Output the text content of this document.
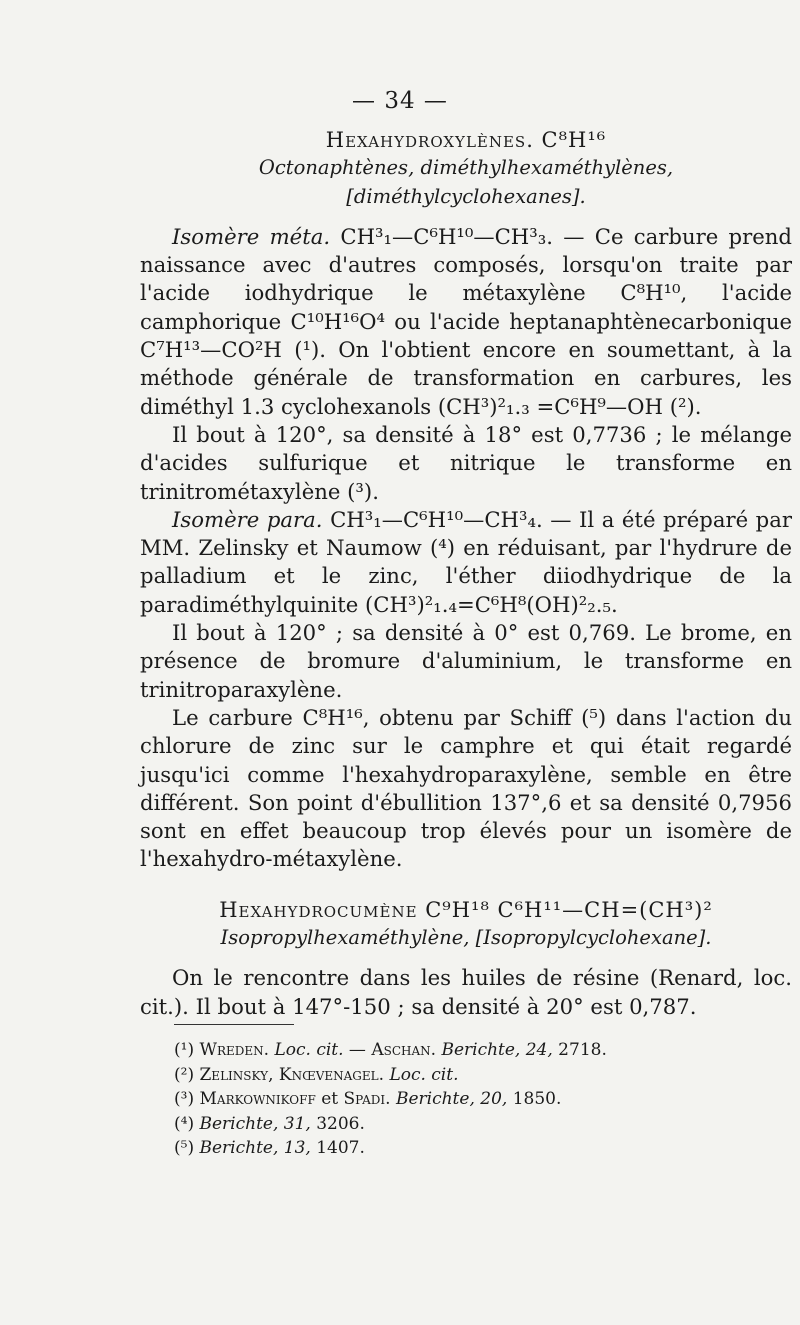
— 34 —

Hexahydroxylènes. C⁸H¹⁶

Octonaphtènes, diméthylhexaméthylènes, [diméthylcyclohexanes].

Isomère méta. CH³₁—C⁶H¹⁰—CH³₃. — Ce carbure prend naissance avec d'autres composés, lorsqu'on traite par l'acide iodhydrique le métaxylène C⁸H¹⁰, l'acide camphorique C¹⁰H¹⁶O⁴ ou l'acide heptanaphtènecarbonique C⁷H¹³—CO²H (¹). On l'obtient encore en soumettant, à la méthode générale de transformation en carbures, les diméthyl 1.3 cyclohexanols (CH³)²₁.₃ =C⁶H⁹—OH (²).

Il bout à 120°, sa densité à 18° est 0,7736 ; le mélange d'acides sulfurique et nitrique le transforme en trinitrométaxylène (³).

Isomère para. CH³₁—C⁶H¹⁰—CH³₄. — Il a été préparé par MM. Zelinsky et Naumow (⁴) en réduisant, par l'hydrure de palladium et le zinc, l'éther diiodhydrique de la paradiméthylquinite (CH³)²₁.₄=C⁶H⁸(OH)²₂.₅.

Il bout à 120° ; sa densité à 0° est 0,769. Le brome, en présence de bromure d'aluminium, le transforme en trinitroparaxylène.

Le carbure C⁸H¹⁶, obtenu par Schiff (⁵) dans l'action du chlorure de zinc sur le camphre et qui était regardé jusqu'ici comme l'hexahydroparaxylène, semble en être différent. Son point d'ébullition 137°,6 et sa densité 0,7956 sont en effet beaucoup trop élevés pour un isomère de l'hexahydro-métaxylène.

Hexahydrocumène C⁹H¹⁸ C⁶H¹¹—CH=(CH³)²

Isopropylhexaméthylène, [Isopropylcyclohexane].

On le rencontre dans les huiles de résine (Renard, loc. cit.). Il bout à 147°-150 ; sa densité à 20° est 0,787.

(¹) Wreden. Loc. cit. — Aschan. Berichte, 24, 2718.

(²) Zelinsky, Knœvenagel. Loc. cit.

(³) Markownikoff et Spadi. Berichte, 20, 1850.

(⁴) Berichte, 31, 3206.

(⁵) Berichte, 13, 1407.
